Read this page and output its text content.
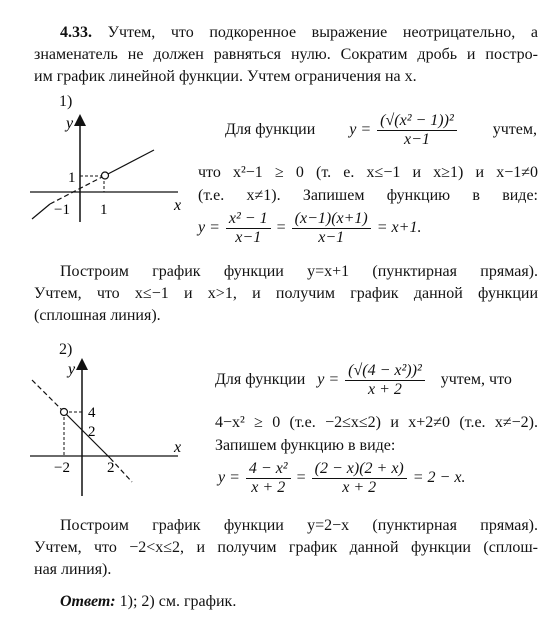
4.33. Учтем, что подкоренное выражение неотрицательно, а
знаменатель не должен равняться нулю. Сократим дробь и постро-
им график линейной функции. Учтем ограничения на x.
1)
y
x
1
−1 1
Для функции $y = \frac{\text{(√(x² − 1))²}}{x-1}$ учтем,
что x²−1 ≥ 0 (т. е. x≤−1 и x≥1) и x−1≠0
(т.е. x≠1). Запишем функцию в виде:
$y = \frac{\text{x² − 1}}{x-1} = \frac{(x-1)(x+1)}{x-1} = x+1$.
Построим график функции y=x+1 (пунктирная прямая).
Учтем, что x≤−1 и x>1, и получим график данной функции
(сплошная линия).
2)
y
x
4
2
−2 2
Для функции $y = \frac{\text{(√(4 − x²))²}}{x + 2}$ учтем, что
4−x² ≥ 0 (т.е. −2≤x≤2) и x+2≠0 (т.е. x≠−2).
Запишем функцию в виде:
$y = \frac{\text{4 − x²}}{x + 2} = \frac{(2 - x)(2 + x)}{x + 2} = 2 - x$.
Построим график функции y=2−x (пунктирная прямая).
Учтем, что −2<x≤2, и получим график данной функции (сплош-
ная линия).
Ответ: 1); 2) см. график.
